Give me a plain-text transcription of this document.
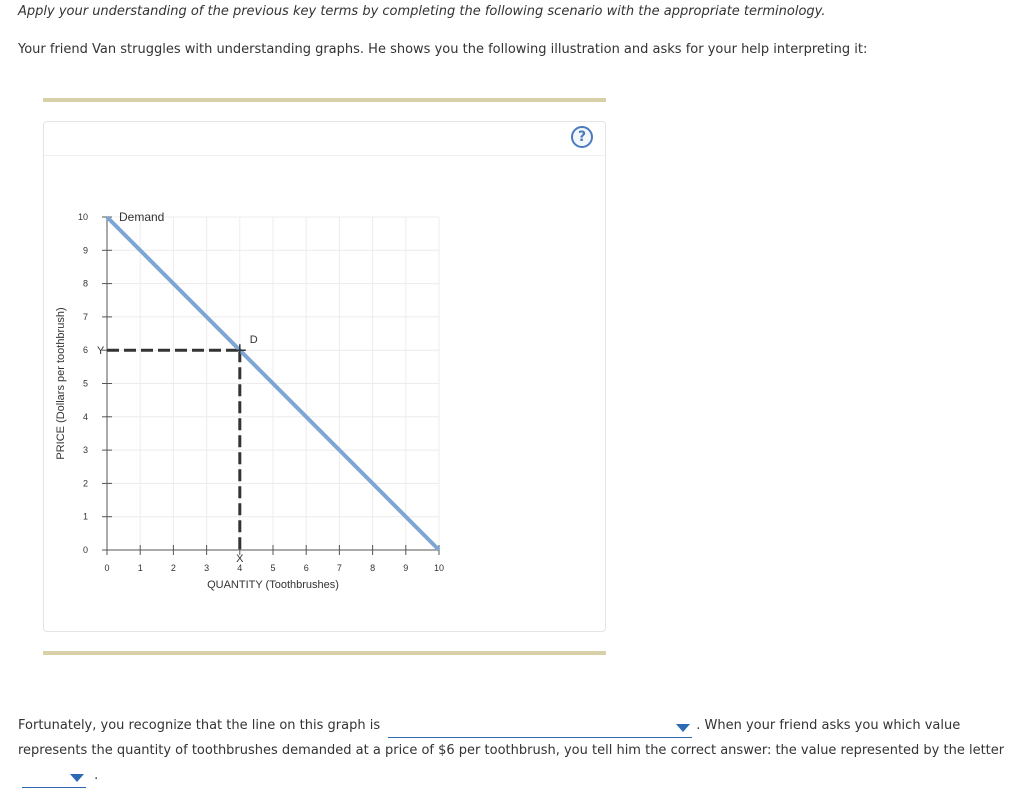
Apply your understanding of the previous key terms by completing the following scenario with the appropriate terminology.
Your friend Van struggles with understanding graphs. He shows you the following illustration and asks for your help interpreting it:
?
0	1	2	3	4	5	6	7	8	9	10
0
1
2
3
4
5
6
7
8
9
10
QUANTITY (Toothbrushes)
PRICE (Dollars per toothbrush)
Demand
D
Y
X
Fortunately, you recognize that the line on this graph is	. When your friend asks you which value represents the quantity of toothbrushes demanded at a price of $6 per toothbrush, you tell him the correct answer: the value represented by the letter
.
